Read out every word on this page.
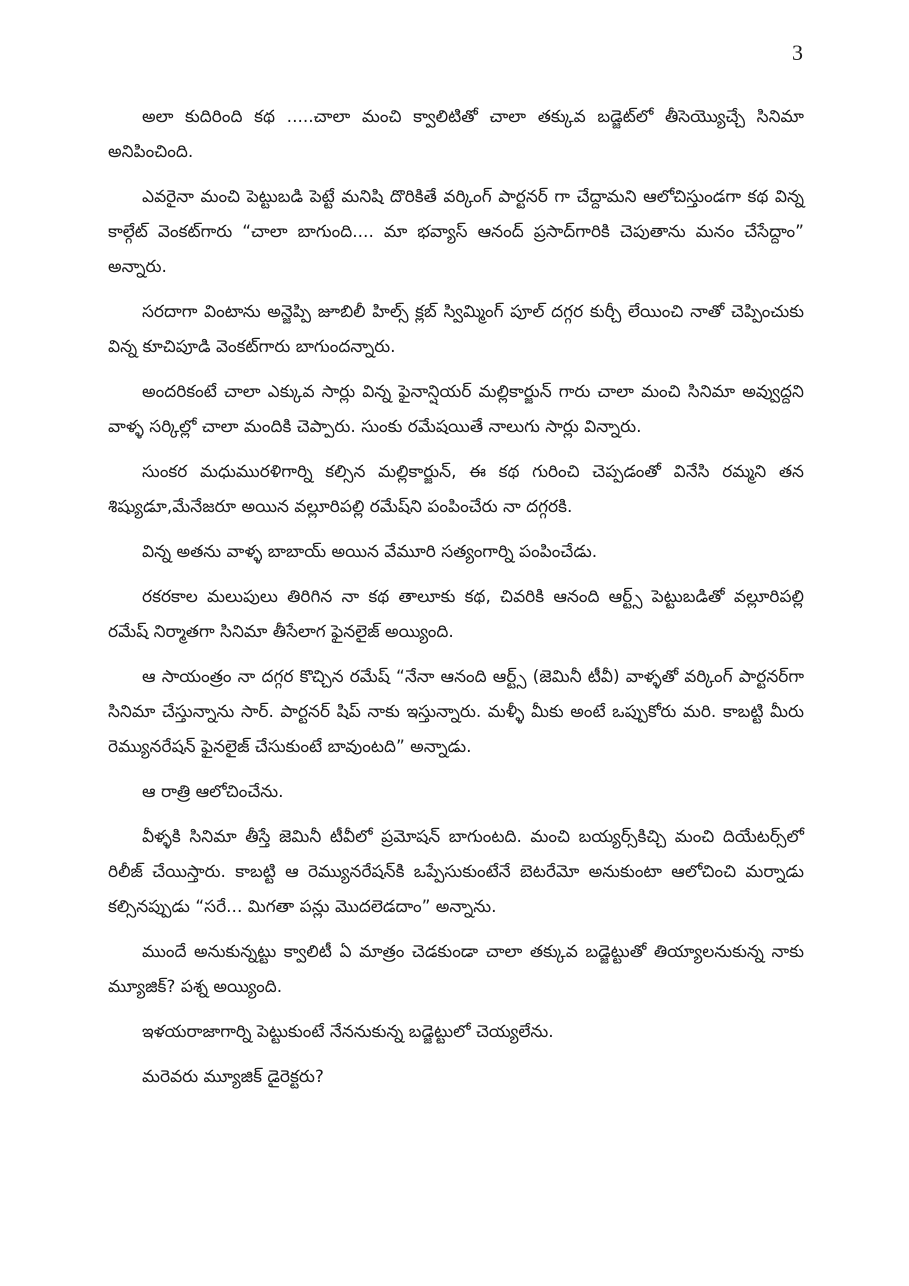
3

అలా కుదిరింది కథ .....చాలా మంచి క్వాలిటితో చాలా తక్కువ బడ్జెట్‌లో తీసెయ్యొచ్చే సినిమా అనిపించింది.

ఎవరైనా మంచి పెట్టుబడి పెట్టే మనిషి దొరికితే వర్కింగ్ పార్టనర్ గా చేద్దామని ఆలోచిస్తుండగా కథ విన్న కాల్గేట్ వెంకట్‌గారు “చాలా బాగుంది.... మా భవ్యాస్ ఆనంద్ ప్రసాద్‌గారికి చెపుతాను మనం చేసేద్దాం” అన్నారు.

సరదాగా వింటాను అన్జెప్పి జూబిలీ హిల్స్ క్లబ్ స్విమ్మింగ్ పూల్ దగ్గర కుర్చీ లేయించి నాతో చెప్పించుకు విన్న కూచిపూడి వెంకట్‌గారు బాగుందన్నారు.

అందరికంటే చాలా ఎక్కువ సార్లు విన్న ఫైనాన్షియర్ మల్లికార్జున్ గారు చాలా మంచి సినిమా అవ్వుద్దని వాళ్ళ సర్కిల్లో చాలా మందికి చెప్పారు. సుంకు రమేషయితే నాలుగు సార్లు విన్నారు.

సుంకర మధుమురళిగార్ని కల్సిన మల్లికార్జున్, ఈ కథ గురించి చెప్పడంతో వినేసి రమ్మని తన శిష్యుడూ,మేనేజరూ అయిన వల్లూరిపల్లి రమేష్‌ని పంపించేరు నా దగ్గరకి.

విన్న అతను వాళ్ళ బాబాయ్ అయిన వేమూరి సత్యంగార్ని పంపించేడు.

రకరకాల మలుపులు తిరిగిన నా కథ తాలూకు కథ, చివరికి ఆనంది ఆర్ట్స్ పెట్టుబడితో వల్లూరిపల్లి రమేష్ నిర్మాతగా సినిమా తీసేలాగ ఫైనలైజ్ అయ్యింది.

ఆ సాయంత్రం నా దగ్గర కొచ్చిన రమేష్ “నేనా ఆనంది ఆర్ట్స్ (జెమినీ టీవీ) వాళ్ళతో వర్కింగ్ పార్టనర్‌గా సినిమా చేస్తున్నాను సార్. పార్టనర్ షిప్ నాకు ఇస్తున్నారు. మళ్ళీ మీకు అంటే ఒప్పుకోరు మరి. కాబట్టి మీరు రెమ్యునరేషన్ ఫైనలైజ్ చేసుకుంటే బావుంటది” అన్నాడు.

ఆ రాత్రి ఆలోచించేను.

వీళ్ళకి సినిమా తీస్తే జెమినీ టీవీలో ప్రమోషన్ బాగుంటది. మంచి బయ్యర్స్‌కిచ్చి మంచి దియేటర్స్‌లో రిలీజ్ చేయిస్తారు. కాబట్టి ఆ రెమ్యునరేషన్‌కి ఒప్పేసుకుంటేనే బెటరేమో అనుకుంటా ఆలోచించి మర్నాడు కల్సినప్పుడు “సరే... మిగతా పన్లు మొదలెడదాం” అన్నాను.

ముందే అనుకున్నట్టు క్వాలిటీ ఏ మాత్రం చెడకుండా చాలా తక్కువ బడ్జెట్టుతో తియ్యాలనుకున్న నాకు మ్యూజిక్? పశ్న అయ్యింది.

ఇళయరాజాగార్ని పెట్టుకుంటే నేననుకున్న బడ్జెట్టులో చెయ్యలేను.

మరెవరు మ్యూజిక్ డైరెక్టరు?
